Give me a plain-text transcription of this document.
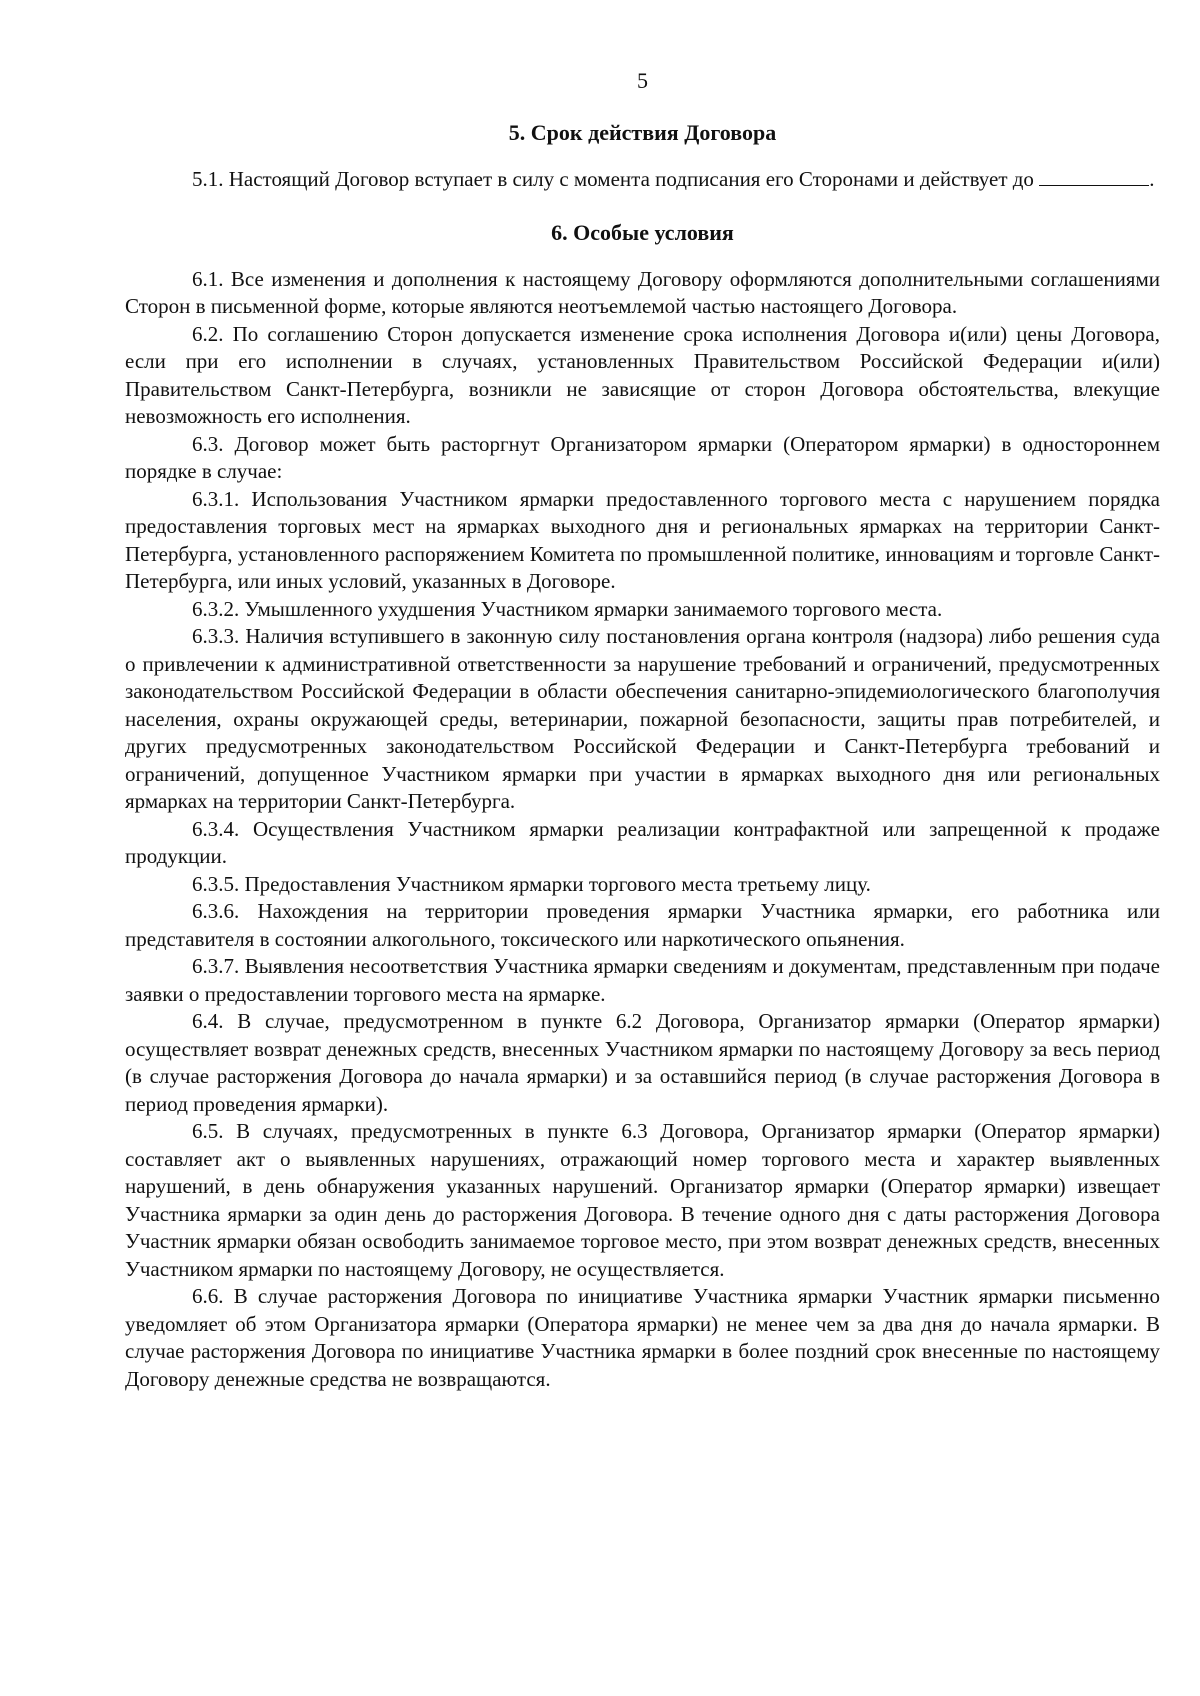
5
5. Срок действия Договора

5.1. Настоящий Договор вступает в силу с момента подписания его Сторонами и действует до	.

6. Особые условия

6.1. Все изменения и дополнения к настоящему Договору оформляются дополнительными соглашениями Сторон в письменной форме, которые являются неотъемлемой частью настоящего Договора.

6.2. По соглашению Сторон допускается изменение срока исполнения Договора и(или) цены Договора, если при его исполнении в случаях, установленных Правительством Российской Федерации и(или) Правительством Санкт-Петербурга, возникли не зависящие от сторон Договора обстоятельства, влекущие невозможность его исполнения.

6.3. Договор может быть расторгнут Организатором ярмарки (Оператором ярмарки) в одностороннем порядке в случае:

6.3.1. Использования Участником ярмарки предоставленного торгового места с нарушением порядка предоставления торговых мест на ярмарках выходного дня и региональных ярмарках на территории Санкт-Петербурга, установленного распоряжением Комитета по промышленной политике, инновациям и торговле Санкт-Петербурга, или иных условий, указанных в Договоре.

6.3.2. Умышленного ухудшения Участником ярмарки занимаемого торгового места.

6.3.3. Наличия вступившего в законную силу постановления органа контроля (надзора) либо решения суда о привлечении к административной ответственности за нарушение требований и ограничений, предусмотренных законодательством Российской Федерации в области обеспечения санитарно-эпидемиологического благополучия населения, охраны окружающей среды, ветеринарии, пожарной безопасности, защиты прав потребителей, и других предусмотренных законодательством Российской Федерации и Санкт-Петербурга требований и ограничений, допущенное Участником ярмарки при участии в ярмарках выходного дня или региональных ярмарках на территории Санкт-Петербурга.

6.3.4. Осуществления Участником ярмарки реализации контрафактной или запрещенной к продаже продукции.

6.3.5. Предоставления Участником ярмарки торгового места третьему лицу.

6.3.6. Нахождения на территории проведения ярмарки Участника ярмарки, его работника или представителя в состоянии алкогольного, токсического или наркотического опьянения.

6.3.7. Выявления несоответствия Участника ярмарки сведениям и документам, представленным при подаче заявки о предоставлении торгового места на ярмарке.

6.4. В случае, предусмотренном в пункте 6.2 Договора, Организатор ярмарки (Оператор ярмарки) осуществляет возврат денежных средств, внесенных Участником ярмарки по настоящему Договору за весь период (в случае расторжения Договора до начала ярмарки) и за оставшийся период (в случае расторжения Договора в период проведения ярмарки).

6.5. В случаях, предусмотренных в пункте 6.3 Договора, Организатор ярмарки (Оператор ярмарки) составляет акт о выявленных нарушениях, отражающий номер торгового места и характер выявленных нарушений, в день обнаружения указанных нарушений. Организатор ярмарки (Оператор ярмарки) извещает Участника ярмарки за один день до расторжения Договора. В течение одного дня с даты расторжения Договора Участник ярмарки обязан освободить занимаемое торговое место, при этом возврат денежных средств, внесенных Участником ярмарки по настоящему Договору, не осуществляется.

6.6. В случае расторжения Договора по инициативе Участника ярмарки Участник ярмарки письменно уведомляет об этом Организатора ярмарки (Оператора ярмарки) не менее чем за два дня до начала ярмарки. В случае расторжения Договора по инициативе Участника ярмарки в более поздний срок внесенные по настоящему Договору денежные средства не возвращаются.
